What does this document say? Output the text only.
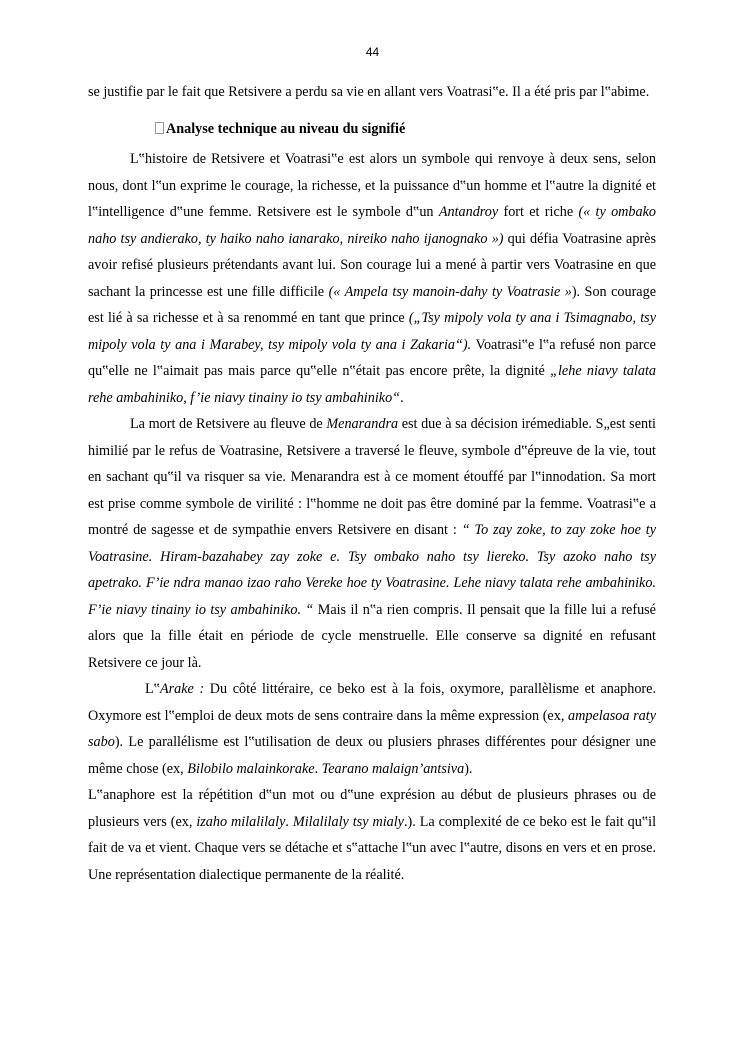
44

se justifie par le fait que Retsivere a perdu sa vie en allant vers Voatrasi‟e. Il a été pris par l‟abime.

Analyse technique au niveau du signifié

L‟histoire de Retsivere et Voatrasi‟e est alors un symbole qui renvoye à deux sens, selon nous, dont l‟un exprime le courage, la richesse, et la puissance d‟un homme et l‟autre la dignité et l‟intelligence d‟une femme. Retsivere est le symbole d‟un Antandroy fort et riche (« ty ombako naho tsy andierako, ty haiko naho ianarako, nireiko naho ijanognako ») qui défia Voatrasine après avoir refisé plusieurs prétendants avant lui. Son courage lui a mené à partir vers Voatrasine en que sachant la princesse est une fille difficile (« Ampela tsy manoin-dahy ty Voatrasie »). Son courage est lié à sa richesse et à sa renommé en tant que prince („Tsy mipoly vola ty ana i Tsimagnabo, tsy mipoly vola ty ana i Marabey, tsy mipoly vola ty ana i Zakaria“). Voatrasi‟e l‟a refusé non parce qu‟elle ne l‟aimait pas mais parce qu‟elle n‟était pas encore prête, la dignité „lehe niavy talata rehe ambahiniko, f’ie niavy tinainy io tsy ambahiniko“.

La mort de Retsivere au fleuve de Menarandra est due à sa décision irémediable. S„est senti himilié par le refus de Voatrasine, Retsivere a traversé le fleuve, symbole d‟épreuve de la vie, tout en sachant qu‟il va risquer sa vie. Menarandra est à ce moment étouffé par l‟innodation. Sa mort est prise comme symbole de virilité : l‟homme ne doit pas être dominé par la femme. Voatrasi‟e a montré de sagesse et de sympathie envers Retsivere en disant : “ To zay zoke, to zay zoke hoe ty Voatrasine. Hiram-bazahabey zay zoke e. Tsy ombako naho tsy liereko. Tsy azoko naho tsy apetrako. F’ie ndra manao izao raho Vereke hoe ty Voatrasine. Lehe niavy talata rehe ambahiniko. F’ie niavy tinainy io tsy ambahiniko. “ Mais il n‟a rien compris. Il pensait que la fille lui a refusé alors que la fille était en période de cycle menstruelle. Elle conserve sa dignité en refusant Retsivere ce jour là.

L‟Arake : Du côté littéraire, ce beko est à la fois, oxymore, parallèlisme et anaphore. Oxymore est l‟emploi de deux mots de sens contraire dans la même expression (ex, ampelasoa raty sabo). Le parallélisme est l‟utilisation de deux ou plusiers phrases différentes pour désigner une même chose (ex, Bilobilo malainkorake. Tearano malaign’antsiva).

L‟anaphore est la répétition d‟un mot ou d‟une exprésion au début de plusieurs phrases ou de plusieurs vers (ex, izaho milalilaly. Milalilaly tsy mialy.). La complexité de ce beko est le fait qu‟il fait de va et vient. Chaque vers se détache et s‟attache l‟un avec l‟autre, disons en vers et en prose. Une représentation dialectique permanente de la réalité.
